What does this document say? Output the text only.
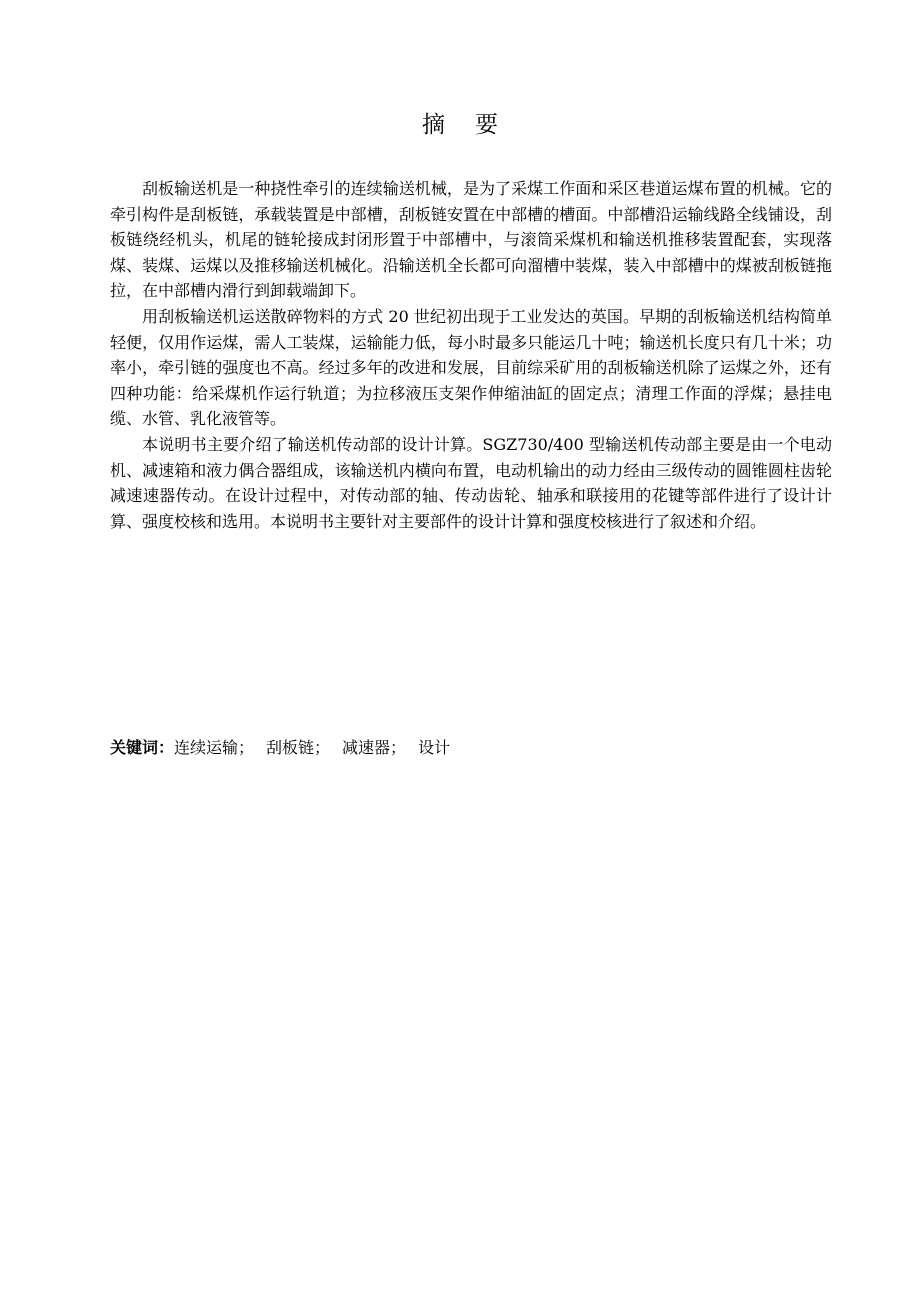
摘 要

刮板输送机是一种挠性牵引的连续输送机械，是为了采煤工作面和采区巷道运煤布置的机械。它的牵引构件是刮板链，承载装置是中部槽，刮板链安置在中部槽的槽面。中部槽沿运输线路全线铺设，刮板链绕经机头，机尾的链轮接成封闭形置于中部槽中，与滚筒采煤机和输送机推移装置配套，实现落煤、装煤、运煤以及推移输送机械化。沿输送机全长都可向溜槽中装煤，装入中部槽中的煤被刮板链拖拉，在中部槽内滑行到卸载端卸下。

用刮板输送机运送散碎物料的方式 20 世纪初出现于工业发达的英国。早期的刮板输送机结构简单轻便，仅用作运煤，需人工装煤，运输能力低，每小时最多只能运几十吨；输送机长度只有几十米；功率小，牵引链的强度也不高。经过多年的改进和发展，目前综采矿用的刮板输送机除了运煤之外，还有四种功能：给采煤机作运行轨道；为拉移液压支架作伸缩油缸的固定点；清理工作面的浮煤；悬挂电缆、水管、乳化液管等。

本说明书主要介绍了输送机传动部的设计计算。SGZ730/400 型输送机传动部主要是由一个电动机、减速箱和液力偶合器组成，该输送机内横向布置，电动机输出的动力经由三级传动的圆锥圆柱齿轮减速速器传动。在设计过程中，对传动部的轴、传动齿轮、轴承和联接用的花键等部件进行了设计计算、强度校核和选用。本说明书主要针对主要部件的设计计算和强度校核进行了叙述和介绍。

关键词：连续运输； 刮板链； 减速器； 设计
